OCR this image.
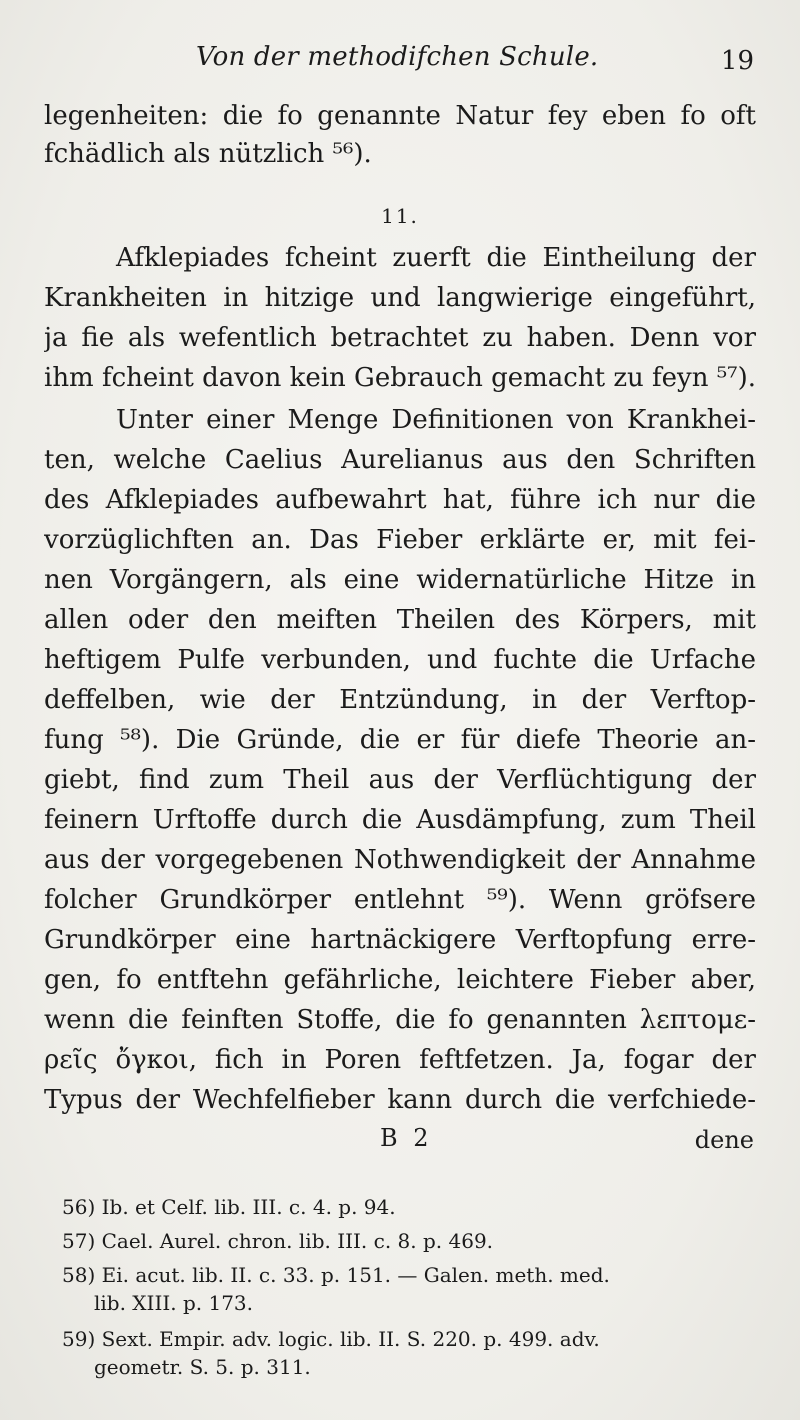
Von der methodifchen Schule.	19
legenheiten: die fo genannte Natur fey eben fo oft
fchädlich als nützlich ⁵⁶).
11.
Afklepiades fcheint zuerft die Eintheilung der
Krankheiten in hitzige und langwierige eingeführt,
ja fie als wefentlich betrachtet zu haben. Denn vor
ihm fcheint davon kein Gebrauch gemacht zu feyn ⁵⁷).
Unter einer Menge Definitionen von Krankhei-
ten, welche Caelius Aurelianus aus den Schriften
des Afklepiades aufbewahrt hat, führe ich nur die
vorzüglichften an. Das Fieber erklärte er, mit fei-
nen Vorgängern, als eine widernatürliche Hitze in
allen oder den meiften Theilen des Körpers, mit
heftigem Pulfe verbunden, und fuchte die Urfache
deffelben, wie der Entzündung, in der Verftop-
fung ⁵⁸). Die Gründe, die er für diefe Theorie an-
giebt, find zum Theil aus der Verflüchtigung der
feinern Urftoffe durch die Ausdämpfung, zum Theil
aus der vorgegebenen Nothwendigkeit der Annahme
folcher Grundkörper entlehnt ⁵⁹). Wenn gröfsere
Grundkörper eine hartnäckigere Verftopfung erre-
gen, fo entftehn gefährliche, leichtere Fieber aber,
wenn die feinften Stoffe, die fo genannten λεπτομε-
ρεῖς ὄγκοι, fich in Poren feftfetzen. Ja, fogar der
Typus der Wechfelfieber kann durch die verfchiede-
B 2	dene
56) Ib. et Celf. lib. III. c. 4. p. 94.
57) Cael. Aurel. chron. lib. III. c. 8. p. 469.
58) Ei. acut. lib. II. c. 33. p. 151. — Galen. meth. med.
lib. XIII. p. 173.
59) Sext. Empir. adv. logic. lib. II. S. 220. p. 499. adv.
geometr. S. 5. p. 311.
